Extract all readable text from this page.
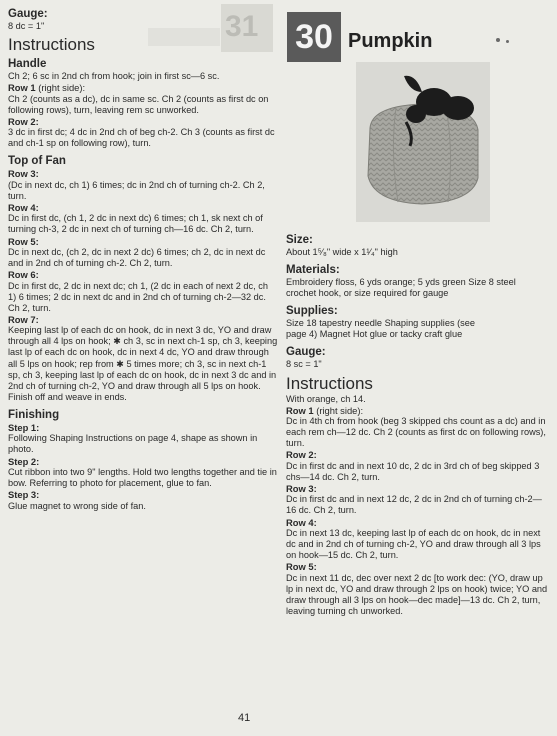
31

Gauge:

8 dc = 1"

Instructions

Handle

Ch 2; 6 sc in 2nd ch from hook; join in first sc—6 sc.

Row 1 (right side):

Ch 2 (counts as a dc), dc in same sc. Ch 2 (counts as first dc on following rows), turn, leaving rem sc unworked.

Row 2:

3 dc in first dc; 4 dc in 2nd ch of beg ch-2. Ch 3 (counts as first dc and ch-1 sp on following row), turn.

Top of Fan

Row 3:

(Dc in next dc, ch 1) 6 times; dc in 2nd ch of turning ch-2. Ch 2, turn.

Row 4:

Dc in first dc, (ch 1, 2 dc in next dc) 6 times; ch 1, sk next ch of turning ch-3, 2 dc in next ch of turning ch—16 dc. Ch 2, turn.

Row 5:

Dc in next dc, (ch 2, dc in next 2 dc) 6 times; ch 2, dc in next dc and in 2nd ch of turning ch-2. Ch 2, turn.

Row 6:

Dc in first dc, 2 dc in next dc; ch 1, (2 dc in each of next 2 dc, ch 1) 6 times; 2 dc in next dc and in 2nd ch of turning ch-2—32 dc. Ch 2, turn.

Row 7:

Keeping last lp of each dc on hook, dc in next 3 dc, YO and draw through all 4 lps on hook; ✱ ch 3, sc in next ch-1 sp, ch 3, keeping last lp of each dc on hook, dc in next 4 dc, YO and draw through all 5 lps on hook; rep from ✱ 5 times more; ch 3, sc in next ch-1 sp, ch 3, keeping last lp of each dc on hook, dc in next 3 dc and in 2nd ch of turning ch-2, YO and draw through all 5 lps on hook.

Finish off and weave in ends.

Finishing

Step 1:

Following Shaping Instructions on page 4, shape as shown in photo.

Step 2:

Cut ribbon into two 9" lengths. Hold two lengths together and tie in bow. Referring to photo for placement, glue to fan.

Step 3:

Glue magnet to wrong side of fan.

30 Pumpkin

Size:

About 1⁵⁄₈" wide x 1¹⁄₄" high

Materials:

Embroidery floss, 6 yds orange; 5 yds green Size 8 steel crochet hook, or size required for gauge

Supplies:

Size 18 tapestry needle Shaping supplies (see page 4) Magnet Hot glue or tacky craft glue

Gauge:

8 sc = 1"

Instructions

With orange, ch 14.

Row 1 (right side):

Dc in 4th ch from hook (beg 3 skipped chs count as a dc) and in each rem ch—12 dc. Ch 2 (counts as first dc on following rows), turn.

Row 2:

Dc in first dc and in next 10 dc, 2 dc in 3rd ch of beg skipped 3 chs—14 dc. Ch 2, turn.

Row 3:

Dc in first dc and in next 12 dc, 2 dc in 2nd ch of turning ch-2—16 dc. Ch 2, turn.

Row 4:

Dc in next 13 dc, keeping last lp of each dc on hook, dc in next dc and in 2nd ch of turning ch-2, YO and draw through all 3 lps on hook—15 dc. Ch 2, turn.

Row 5:

Dc in next 11 dc, dec over next 2 dc [to work dec: (YO, draw up lp in next dc, YO and draw through 2 lps on hook) twice; YO and draw through all 3 lps on hook—dec made]—13 dc. Ch 2, turn, leaving turning ch unworked.

41
